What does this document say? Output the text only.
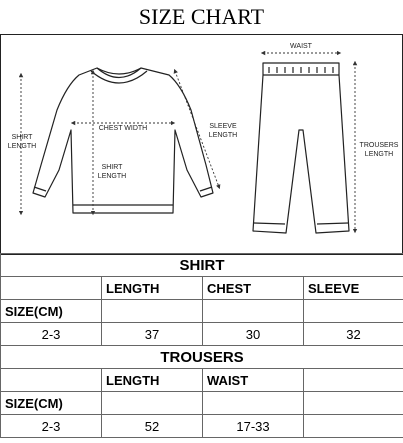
SIZE CHART
SHIRT
LENGTH
CHEST WIDTH
SHIRT
LENGTH
SLEEVE
LENGTH
WAIST
TROUSERS
LENGTH
SHIRT			
	LENGTH	CHEST	SLEEVE
SIZE(CM)			
2-3	37	30	32
TROUSERS			
	LENGTH	WAIST	
SIZE(CM)			
2-3	52	17-33	
